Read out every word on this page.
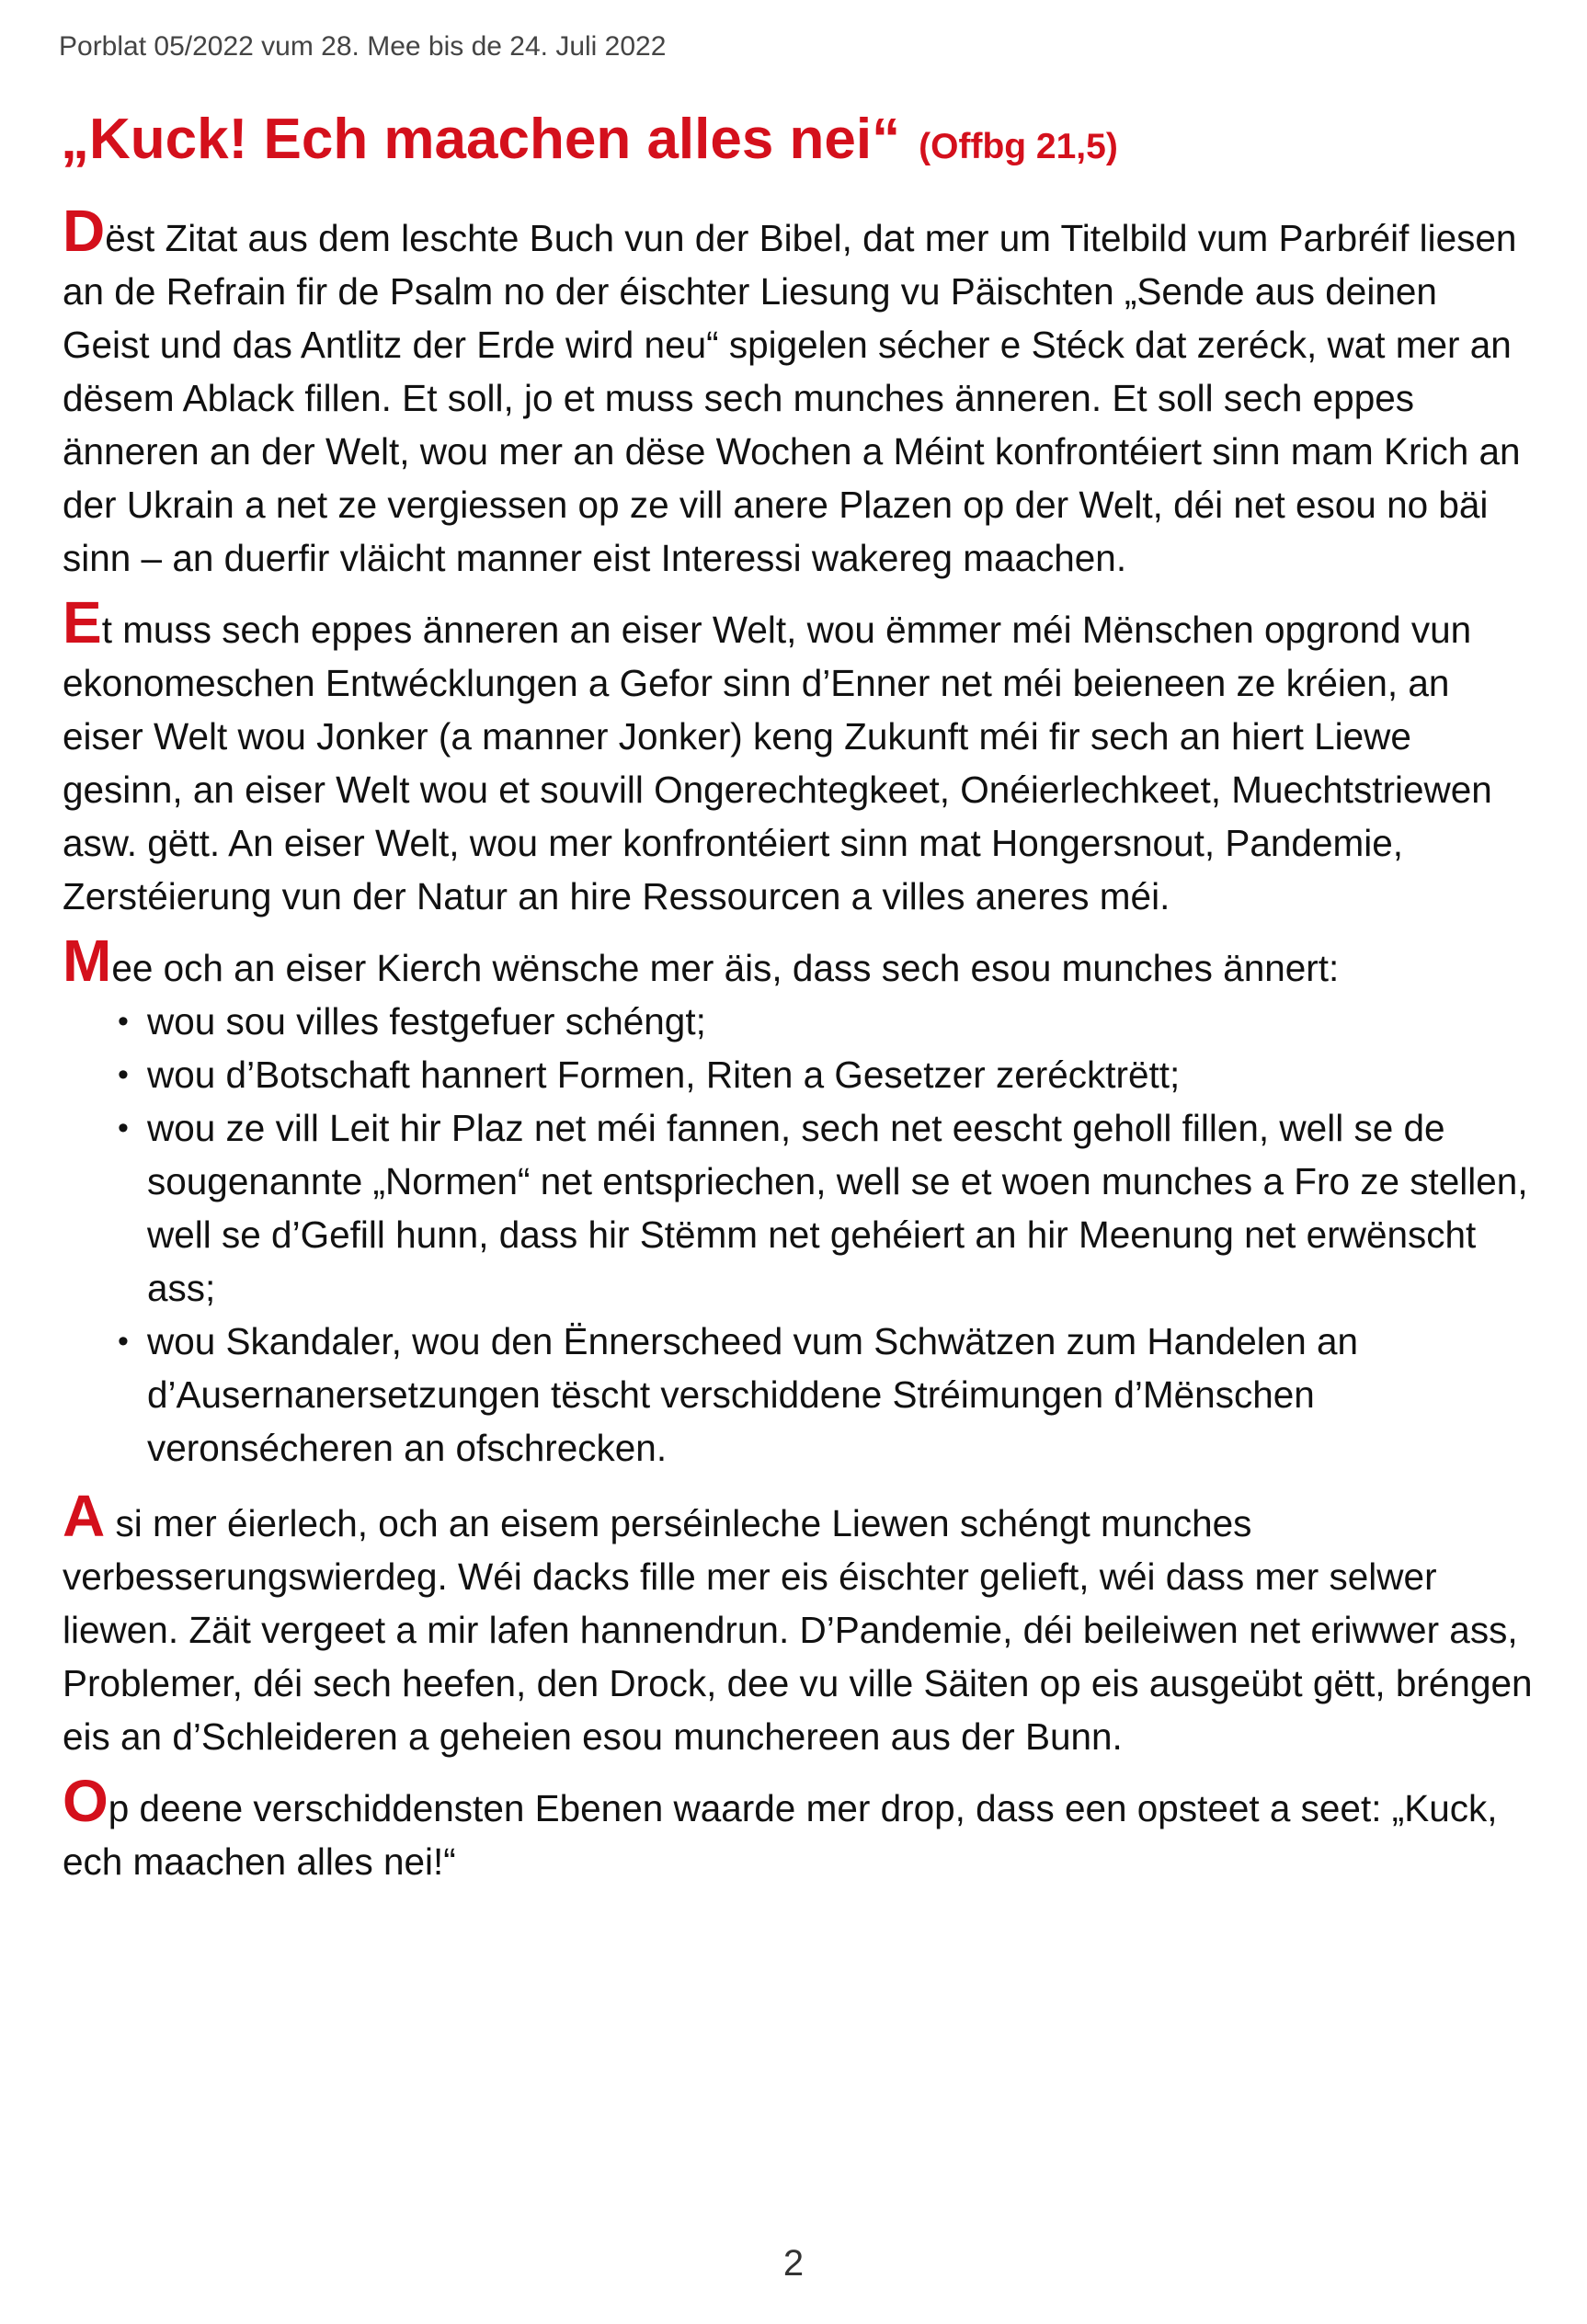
Porblat 05/2022 vum 28. Mee bis de 24. Juli 2022
„Kuck! Ech maachen alles nei“ (Offbg 21,5)

Dëst Zitat aus dem leschte Buch vun der Bibel, dat mer um Titelbild vum Parbréif liesen an de Refrain fir de Psalm no der éischter Liesung vu Päischten „Sende aus deinen Geist und das Antlitz der Erde wird neu“ spigelen sécher e Stéck dat zeréck, wat mer an dësem Ablack fillen. Et soll, jo et muss sech munches änneren. Et soll sech eppes änneren an der Welt, wou mer an dëse Wochen a Méint konfrontéiert sinn mam Krich an der Ukrain a net ze vergiessen op ze vill anere Plazen op der Welt, déi net esou no bäi sinn – an duerfir vläicht manner eist Interessi wakereg maachen.

Et muss sech eppes änneren an eiser Welt, wou ëmmer méi Mënschen opgrond vun ekonomeschen Entwécklungen a Gefor sinn d’Enner net méi beieneen ze kréien, an eiser Welt wou Jonker (a manner Jonker) keng Zukunft méi fir sech an hiert Liewe gesinn, an eiser Welt wou et souvill Ongerechtegkeet, Onéierlechkeet, Muechtstriewen asw. gëtt. An eiser Welt, wou mer konfrontéiert sinn mat Hongersnout, Pandemie, Zerstéierung vun der Natur an hire Ressourcen a villes aneres méi.

Mee och an eiser Kierch wënsche mer äis, dass sech esou munches ännert:

• wou sou villes festgefuer schéngt;
• wou d’Botschaft hannert Formen, Riten a Gesetzer zerécktrëtt;
• wou ze vill Leit hir Plaz net méi fannen, sech net eescht geholl fillen, well se de sougenannte „Normen“ net entspriechen, well se et woen munches a Fro ze stellen, well se d’Gefill hunn, dass hir Stëmm net gehéiert an hir Meenung net erwënscht ass;
• wou Skandaler, wou den Ënnerscheed vum Schwätzen zum Handelen an d’Ausernanersetzungen tëscht verschiddene Stréimungen d’Mënschen veronsécheren an ofschrecken.

A si mer éierlech, och an eisem perséinleche Liewen schéngt munches verbesserungswierdeg. Wéi dacks fille mer eis éischter gelieft, wéi dass mer selwer liewen. Zäit vergeet a mir lafen hannendrun. D’Pandemie, déi beileiwen net eriwwer ass, Problemer, déi sech heefen, den Drock, dee vu ville Säiten op eis ausgeübt gëtt, bréngen eis an d’Schleideren a geheien esou munchereen aus der Bunn.

Op deene verschiddensten Ebenen waarde mer drop, dass een opsteet a seet: „Kuck, ech maachen alles nei!“

2
